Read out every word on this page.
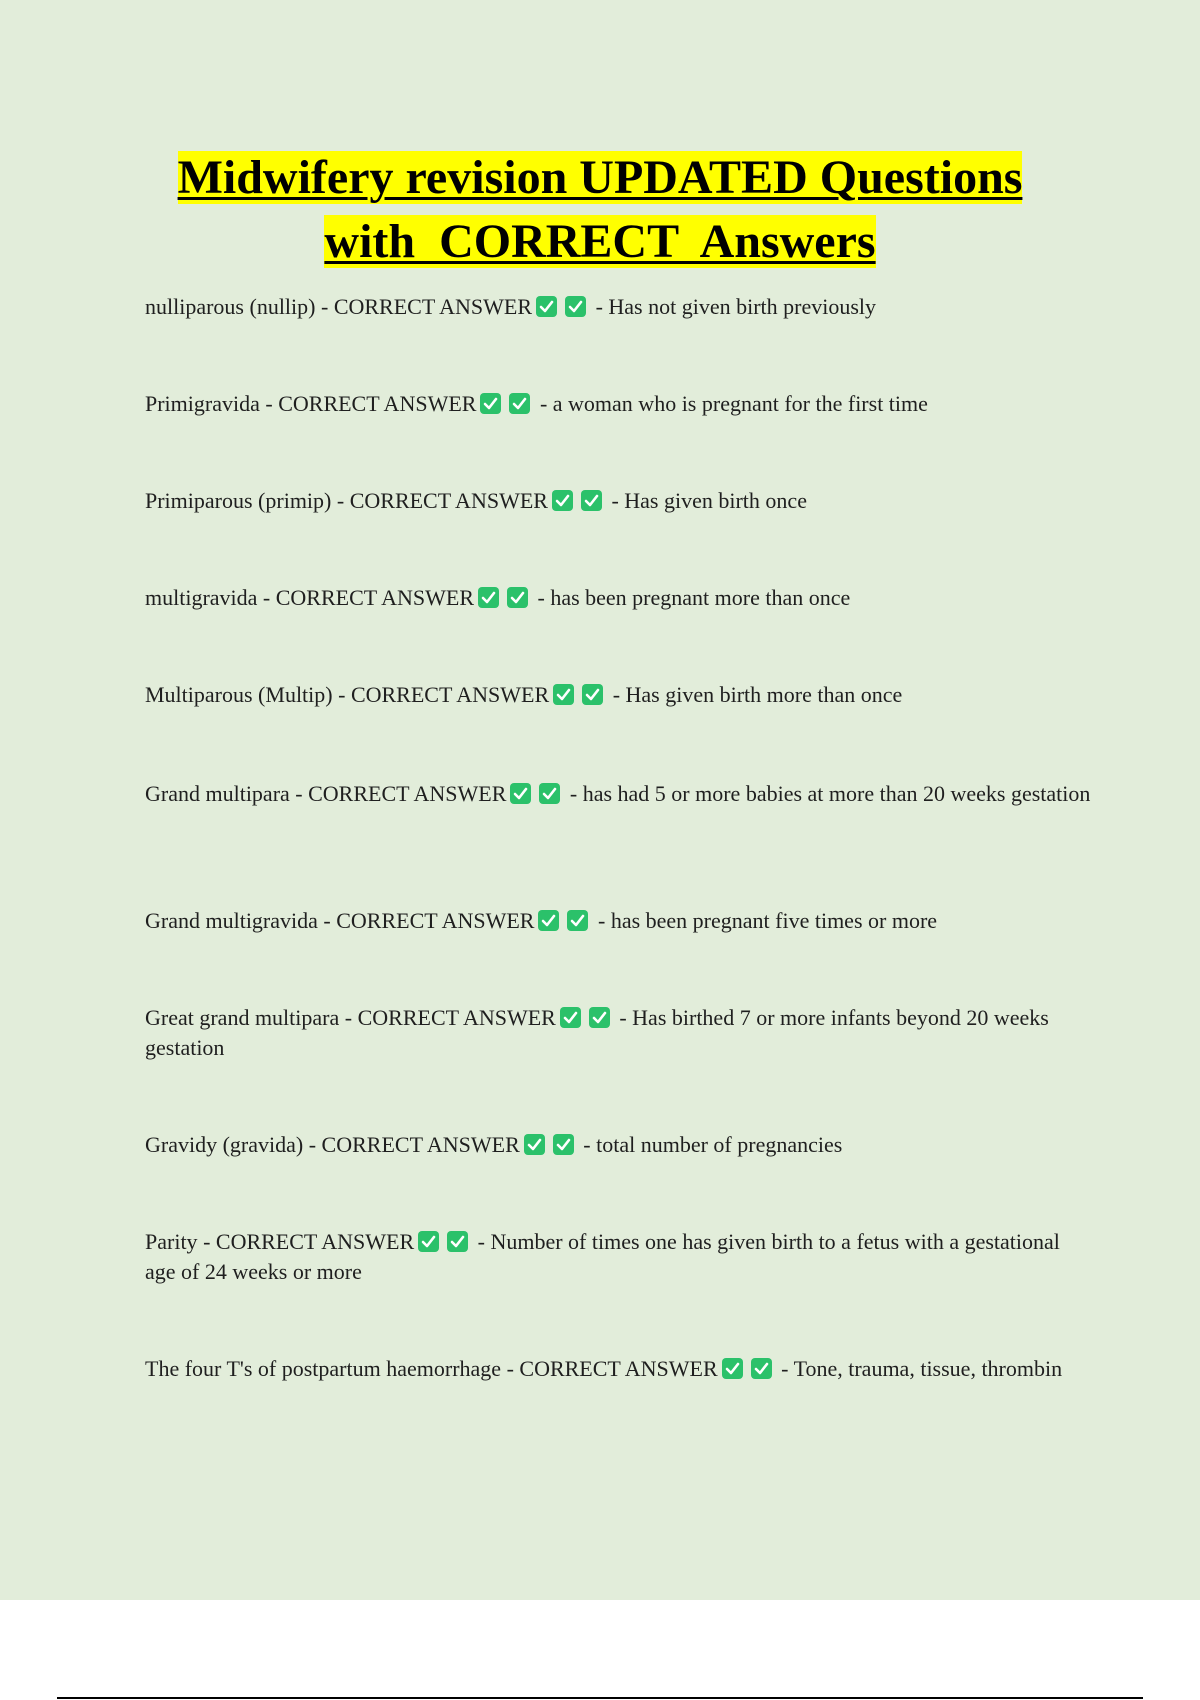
Midwifery revision UPDATED Questions
with  CORRECT  Answers
nulliparous (nullip) - CORRECT ANSWER	- Has not given birth previously
Primigravida - CORRECT ANSWER	- a woman who is pregnant for the first time
Primiparous (primip) - CORRECT ANSWER	- Has given birth once
multigravida - CORRECT ANSWER	- has been pregnant more than once
Multiparous (Multip) - CORRECT ANSWER	- Has given birth more than once
Grand multipara - CORRECT ANSWER	- has had 5 or more babies at more than 20 weeks gestation
Grand multigravida - CORRECT ANSWER	- has been pregnant five times or more
Great grand multipara - CORRECT ANSWER	- Has birthed 7 or more infants beyond 20 weeks gestation
Gravidy (gravida) - CORRECT ANSWER	- total number of pregnancies
Parity - CORRECT ANSWER	- Number of times one has given birth to a fetus with a gestational age of 24 weeks or more
The four T's of postpartum haemorrhage - CORRECT ANSWER	- Tone, trauma, tissue, thrombin
